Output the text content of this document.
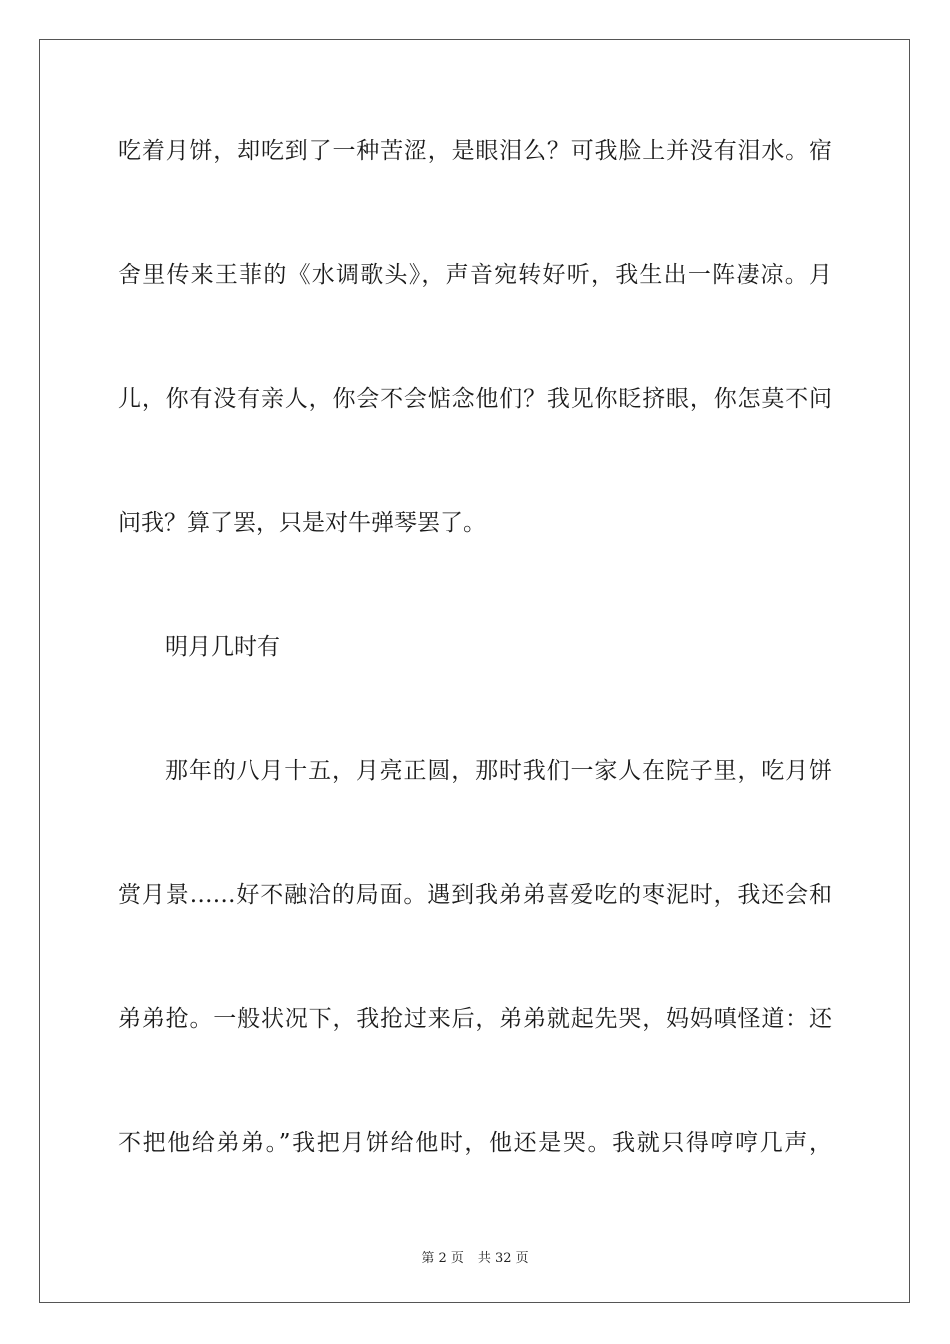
吃着月饼，却吃到了一种苦涩，是眼泪么？可我脸上并没有泪水。宿
舍里传来王菲的《水调歌头》，声音宛转好听，我生出一阵凄凉。月
儿，你有没有亲人，你会不会惦念他们？我见你眨挤眼，你怎莫不问
问我？算了罢，只是对牛弹琴罢了。
明月几时有
那年的八月十五，月亮正圆，那时我们一家人在院子里，吃月饼
赏月景……好不融洽的局面。遇到我弟弟喜爱吃的枣泥时，我还会和
弟弟抢。一般状况下，我抢过来后，弟弟就起先哭，妈妈嗔怪道：还
不把他给弟弟。”我把月饼给他时，他还是哭。我就只得哼哼几声，
第 2 页 共 32 页
